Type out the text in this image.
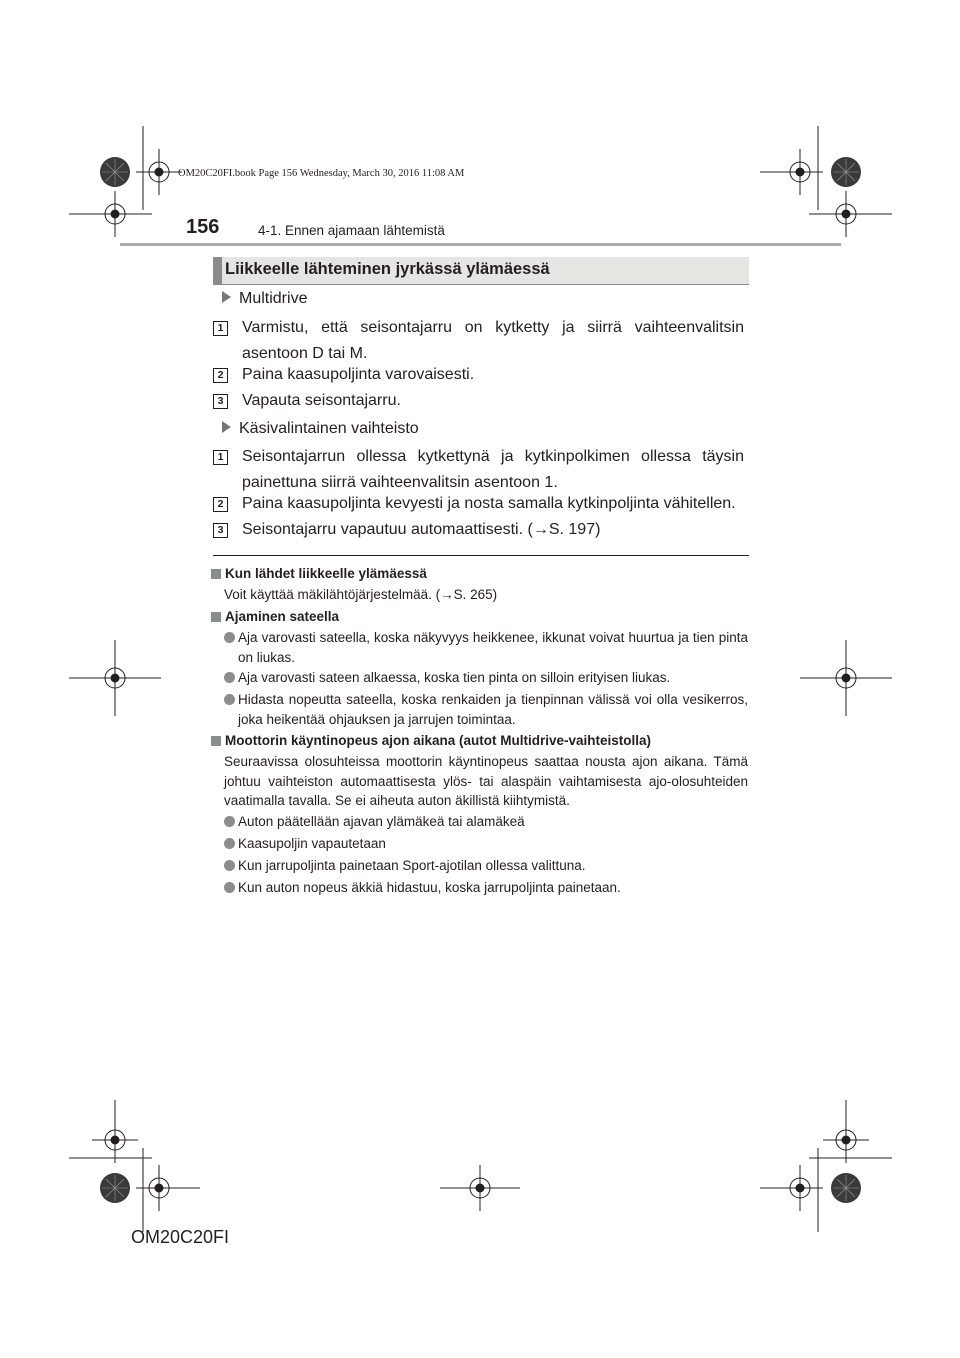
OM20C20FI.book Page 156 Wednesday, March 30, 2016 11:08 AM
156	4-1. Ennen ajamaan lähtemistä
Liikkeelle lähteminen jyrkässä ylämäessä
Multidrive
1 Varmistu, että seisontajarru on kytketty ja siirrä vaihteenvalitsin asentoon D tai M.
2 Paina kaasupoljinta varovaisesti.
3 Vapauta seisontajarru.
Käsivalintainen vaihteisto
1 Seisontajarrun ollessa kytkettynä ja kytkinpolkimen ollessa täysin painettuna siirrä vaihteenvalitsin asentoon 1.
2 Paina kaasupoljinta kevyesti ja nosta samalla kytkinpoljinta vähitellen.
3 Seisontajarru vapautuu automaattisesti. (→S. 197)
Kun lähdet liikkeelle ylämäessä
Voit käyttää mäkilähtöjärjestelmää. (→S. 265)
Ajaminen sateella
Aja varovasti sateella, koska näkyvyys heikkenee, ikkunat voivat huurtua ja tien pinta on liukas.
Aja varovasti sateen alkaessa, koska tien pinta on silloin erityisen liukas.
Hidasta nopeutta sateella, koska renkaiden ja tienpinnan välissä voi olla vesikerros, joka heikentää ohjauksen ja jarrujen toimintaa.
Moottorin käyntinopeus ajon aikana (autot Multidrive-vaihteistolla)
Seuraavissa olosuhteissa moottorin käyntinopeus saattaa nousta ajon aikana. Tämä johtuu vaihteiston automaattisesta ylös- tai alaspäin vaihtamisesta ajo-olosuhteiden vaatimalla tavalla. Se ei aiheuta auton äkillistä kiihtymistä.
Auton päätellään ajavan ylämäkeä tai alamäkeä
Kaasupoljin vapautetaan
Kun jarrupoljinta painetaan Sport-ajotilan ollessa valittuna.
Kun auton nopeus äkkiä hidastuu, koska jarrupoljinta painetaan.
OM20C20FI
